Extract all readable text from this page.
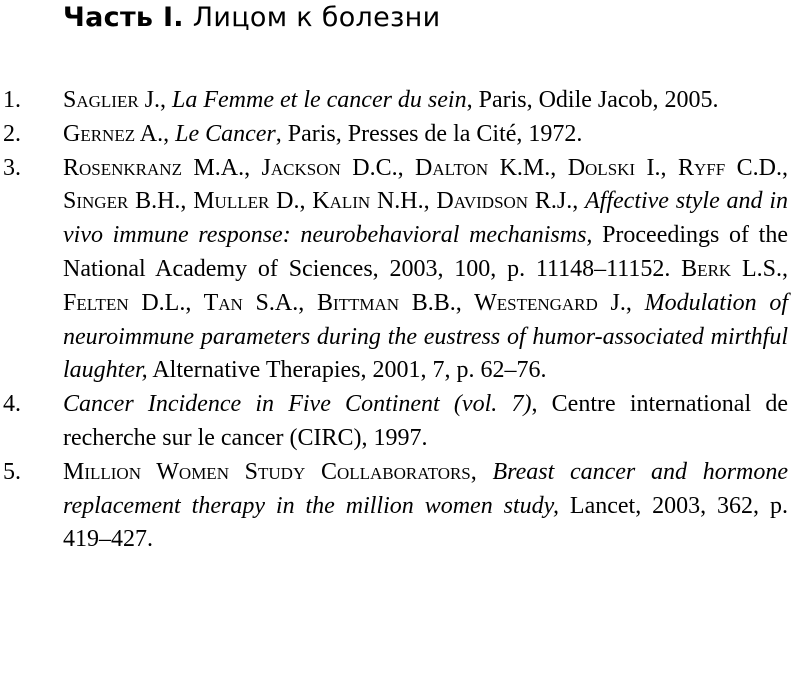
Часть I. Лицом к болезни
1. Saglier J., La Femme et le cancer du sein, Paris, Odile Jacob, 2005.
2. Gernez A., Le Cancer, Paris, Presses de la Cité, 1972.
3. Rosenkranz M.A., Jackson D.C., Dalton K.M., Dolski I., Ryff C.D., Singer B.H., Muller D., Kalin N.H., Davidson R.J., Affective style and in vivo immune response: neurobehavioral mechanisms, Proceedings of the National Academy of Sciences, 2003, 100, p. 11148–11152. Berk L.S., Felten D.L., Tan S.A., Bittman B.B., Westengard J., Modulation of neuroimmune parameters during the eustress of humor-associated mirthful laughter, Alternative Therapies, 2001, 7, p. 62–76.
4. Cancer Incidence in Five Continent (vol. 7), Centre international de recherche sur le cancer (CIRC), 1997.
5. Million Women Study Collaborators, Breast cancer and hormone replacement therapy in the million women study, Lancet, 2003, 362, p. 419–427.
